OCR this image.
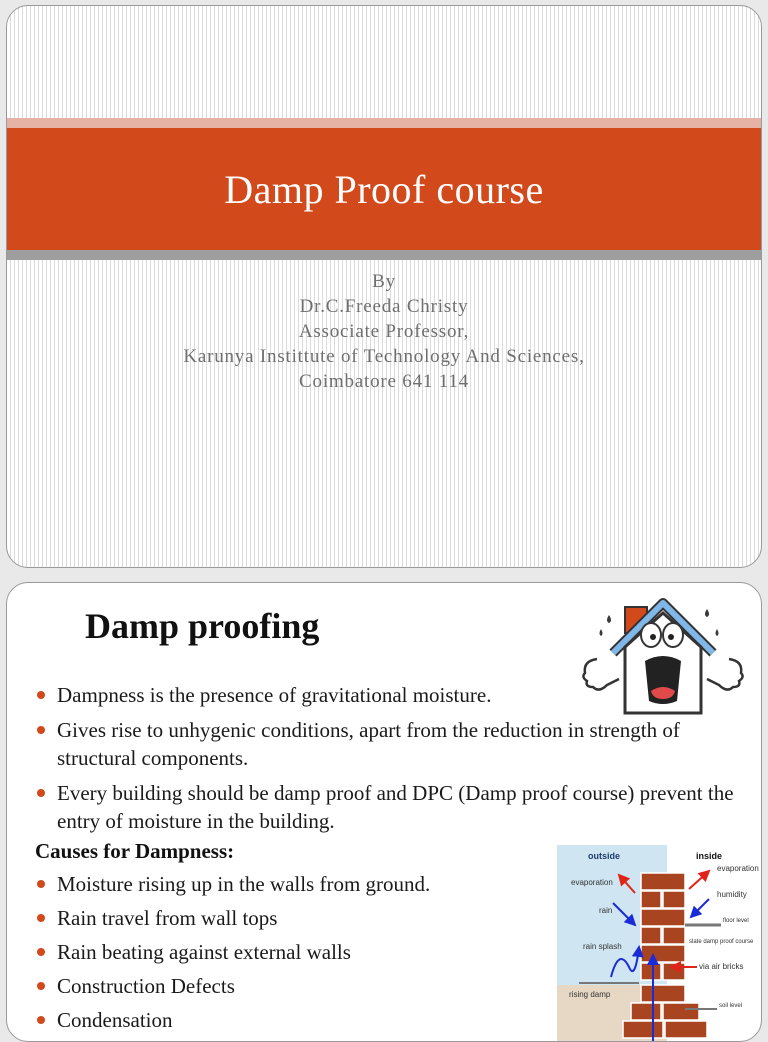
Damp Proof course
By
Dr.C.Freeda Christy
Associate Professor,
Karunya Instittute of Technology And Sciences,
Coimbatore 641 114
Damp proofing
Dampness is the presence of gravitational moisture.
Gives rise to unhygenic conditions, apart from the reduction in strength of structural components.
Every building should be damp proof and DPC (Damp proof course) prevent the entry of moisture in the building.
Causes for Dampness:
Moisture rising up in the walls from ground.
Rain travel from wall tops
Rain beating against external walls
Construction Defects
Condensation
outside	inside
evaporation
rain
rain splash
rising damp
evaporation
humidity
floor level
slate damp proof course
via air bricks
soil level
